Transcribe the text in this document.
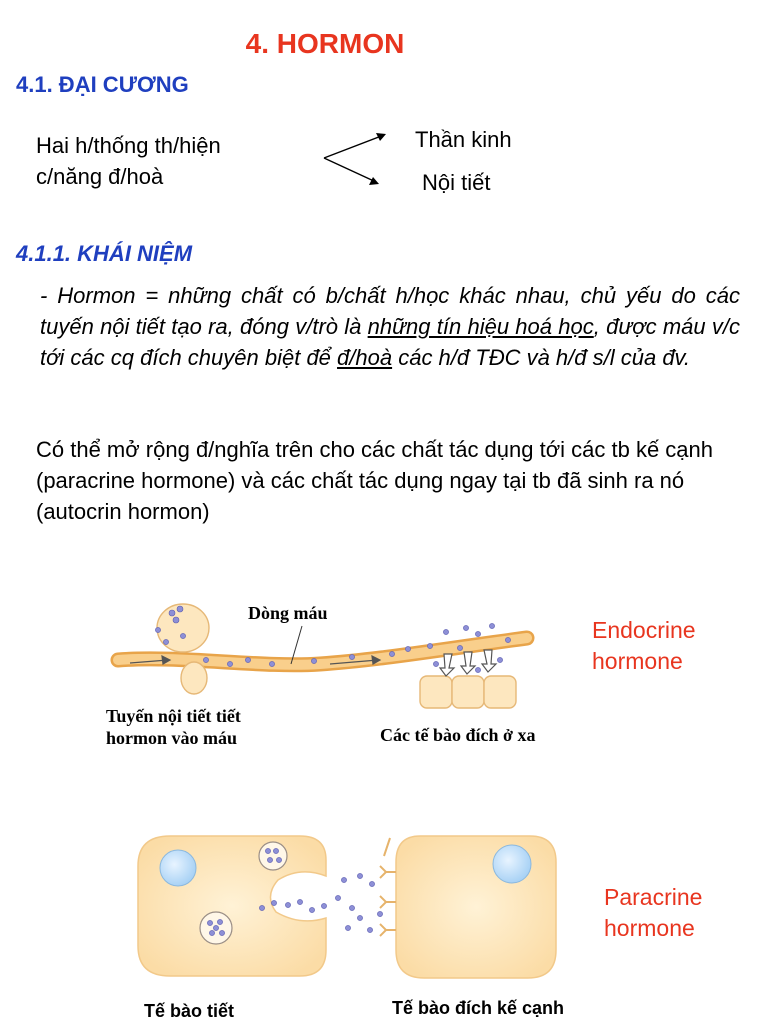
4. HORMON
4.1. ĐẠI CƯƠNG
Hai h/thống th/hiện
c/năng đ/hoà
Thần kinh
Nội tiết
4.1.1. KHÁI NIỆM
- Hormon = những chất có b/chất h/học khác nhau, chủ yếu do các tuyến nội tiết tạo ra, đóng v/trò là những tín hiệu hoá học, được máu v/c tới các cq đích chuyên biệt để đ/hoà các h/đ TĐC và h/đ s/l của đv.
Có thể mở rộng đ/nghĩa trên cho các chất tác dụng tới các tb kế cạnh (paracrine hormone) và các chất tác dụng ngay tại tb đã sinh ra nó (autocrin hormon)
Dòng máu
Tuyến nội tiết tiết
hormon vào máu	Các tế bào đích ở xa
Endocrine
hormone
Paracrine
hormone
Tế bào tiết	Tế bào đích kế cạnh
